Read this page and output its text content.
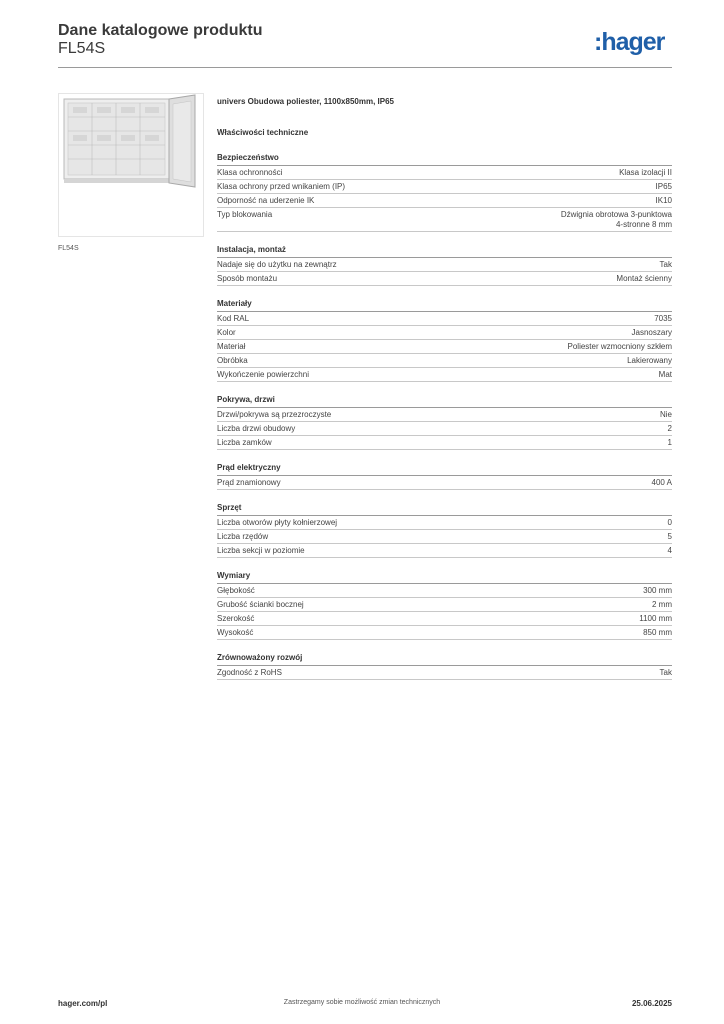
Dane katalogowe produktu
FL54S	:hager
FL54S
univers Obudowa poliester, 1100x850mm, IP65
Właściwości techniczne
Bezpieczeństwo
Klasa ochronności	Klasa izolacji II
Klasa ochrony przed wnikaniem (IP)	IP65
Odporność na uderzenie IK	IK10
Typ blokowania	Dźwignia obrotowa 3-punktowa
4-stronne 8 mm
Instalacja, montaż
Nadaje się do użytku na zewnątrz	Tak
Sposób montażu	Montaż ścienny
Materiały
Kod RAL	7035
Kolor	Jasnoszary
Materiał	Poliester wzmocniony szkłem
Obróbka	Lakierowany
Wykończenie powierzchni	Mat
Pokrywa, drzwi
Drzwi/pokrywa są przezroczyste	Nie
Liczba drzwi obudowy	2
Liczba zamków	1
Prąd elektryczny
Prąd znamionowy	400 A
Sprzęt
Liczba otworów płyty kołnierzowej	0
Liczba rzędów	5
Liczba sekcji w poziomie	4
Wymiary
Głębokość	300 mm
Grubość ścianki bocznej	2 mm
Szerokość	1100 mm
Wysokość	850 mm
Zrównoważony rozwój
Zgodność z RoHS	Tak
hager.com/pl	Zastrzegamy sobie możliwość zmian technicznych	25.06.2025
